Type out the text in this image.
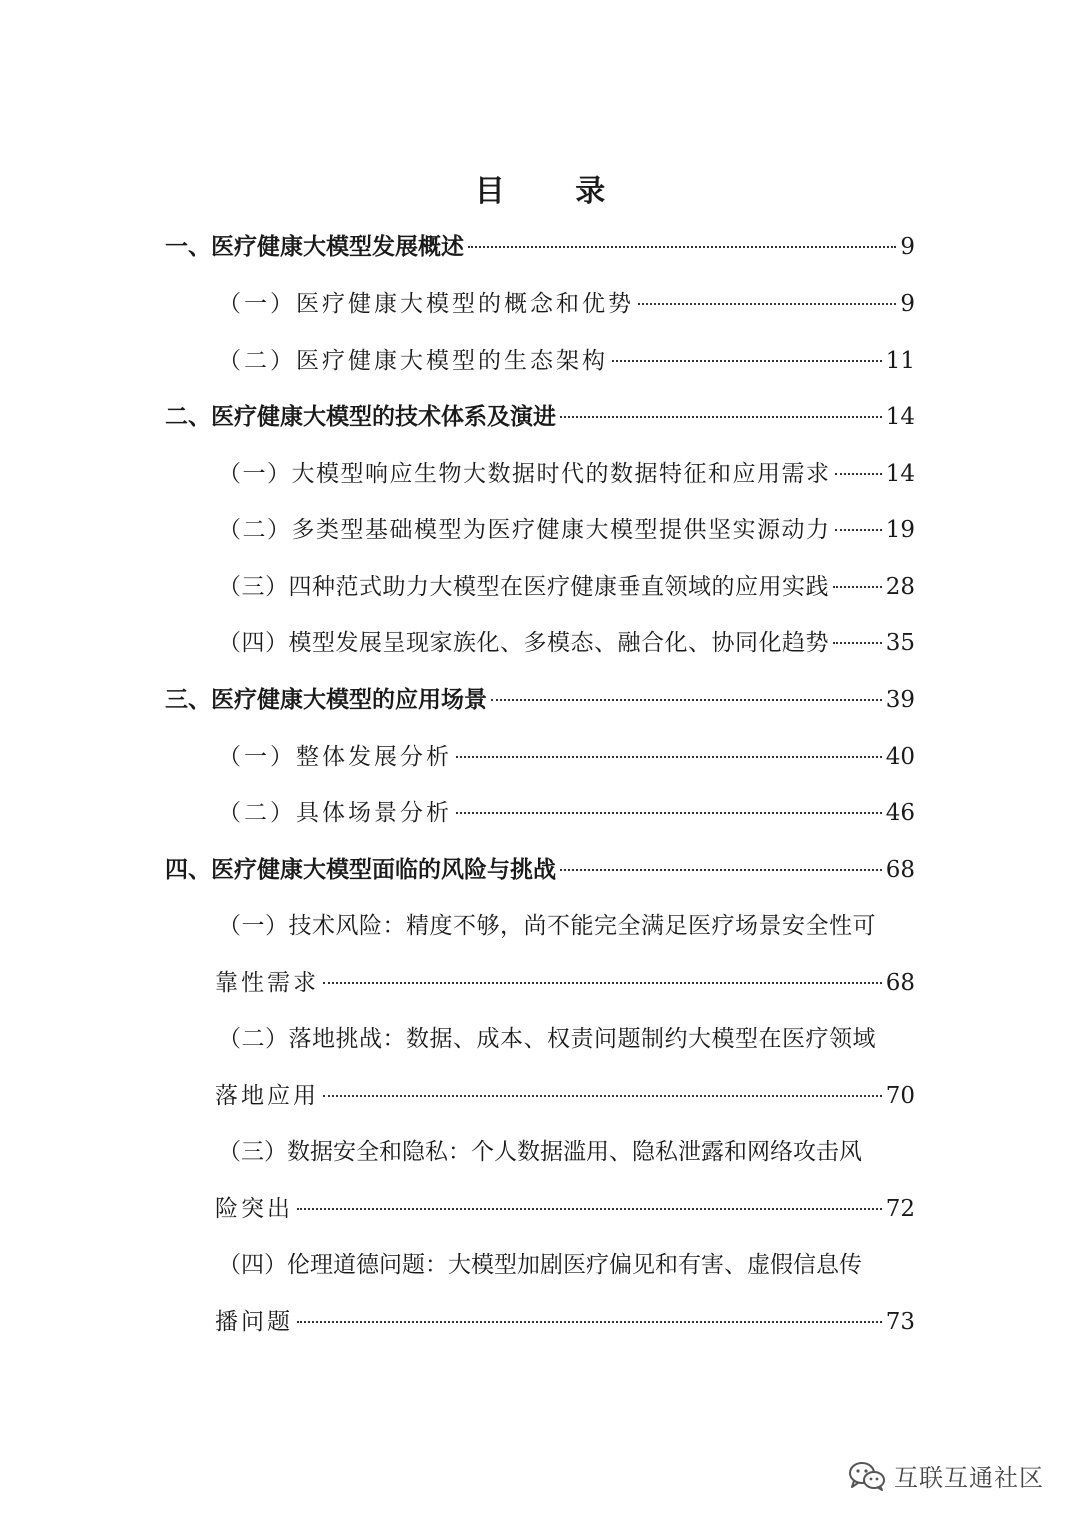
目 录
一、医疗健康大模型发展概述	9
（一）医疗健康大模型的概念和优势	9
（二）医疗健康大模型的生态架构	11
二、医疗健康大模型的技术体系及演进	14
（一）大模型响应生物大数据时代的数据特征和应用需求 14
（二）多类型基础模型为医疗健康大模型提供坚实源动力 19
（三）四种范式助力大模型在医疗健康垂直领域的应用实践 28
（四）模型发展呈现家族化、多模态、融合化、协同化趋势 35
三、医疗健康大模型的应用场景	39
（一）整体发展分析	40
（二）具体场景分析	46
四、医疗健康大模型面临的风险与挑战	68
（一）技术风险：精度不够，尚不能完全满足医疗场景安全性可
靠性需求	68
（二）落地挑战：数据、成本、权责问题制约大模型在医疗领域
落地应用	70
（三）数据安全和隐私：个人数据滥用、隐私泄露和网络攻击风
险突出	72
（四）伦理道德问题：大模型加剧医疗偏见和有害、虚假信息传
播问题	73
互联互通社区
